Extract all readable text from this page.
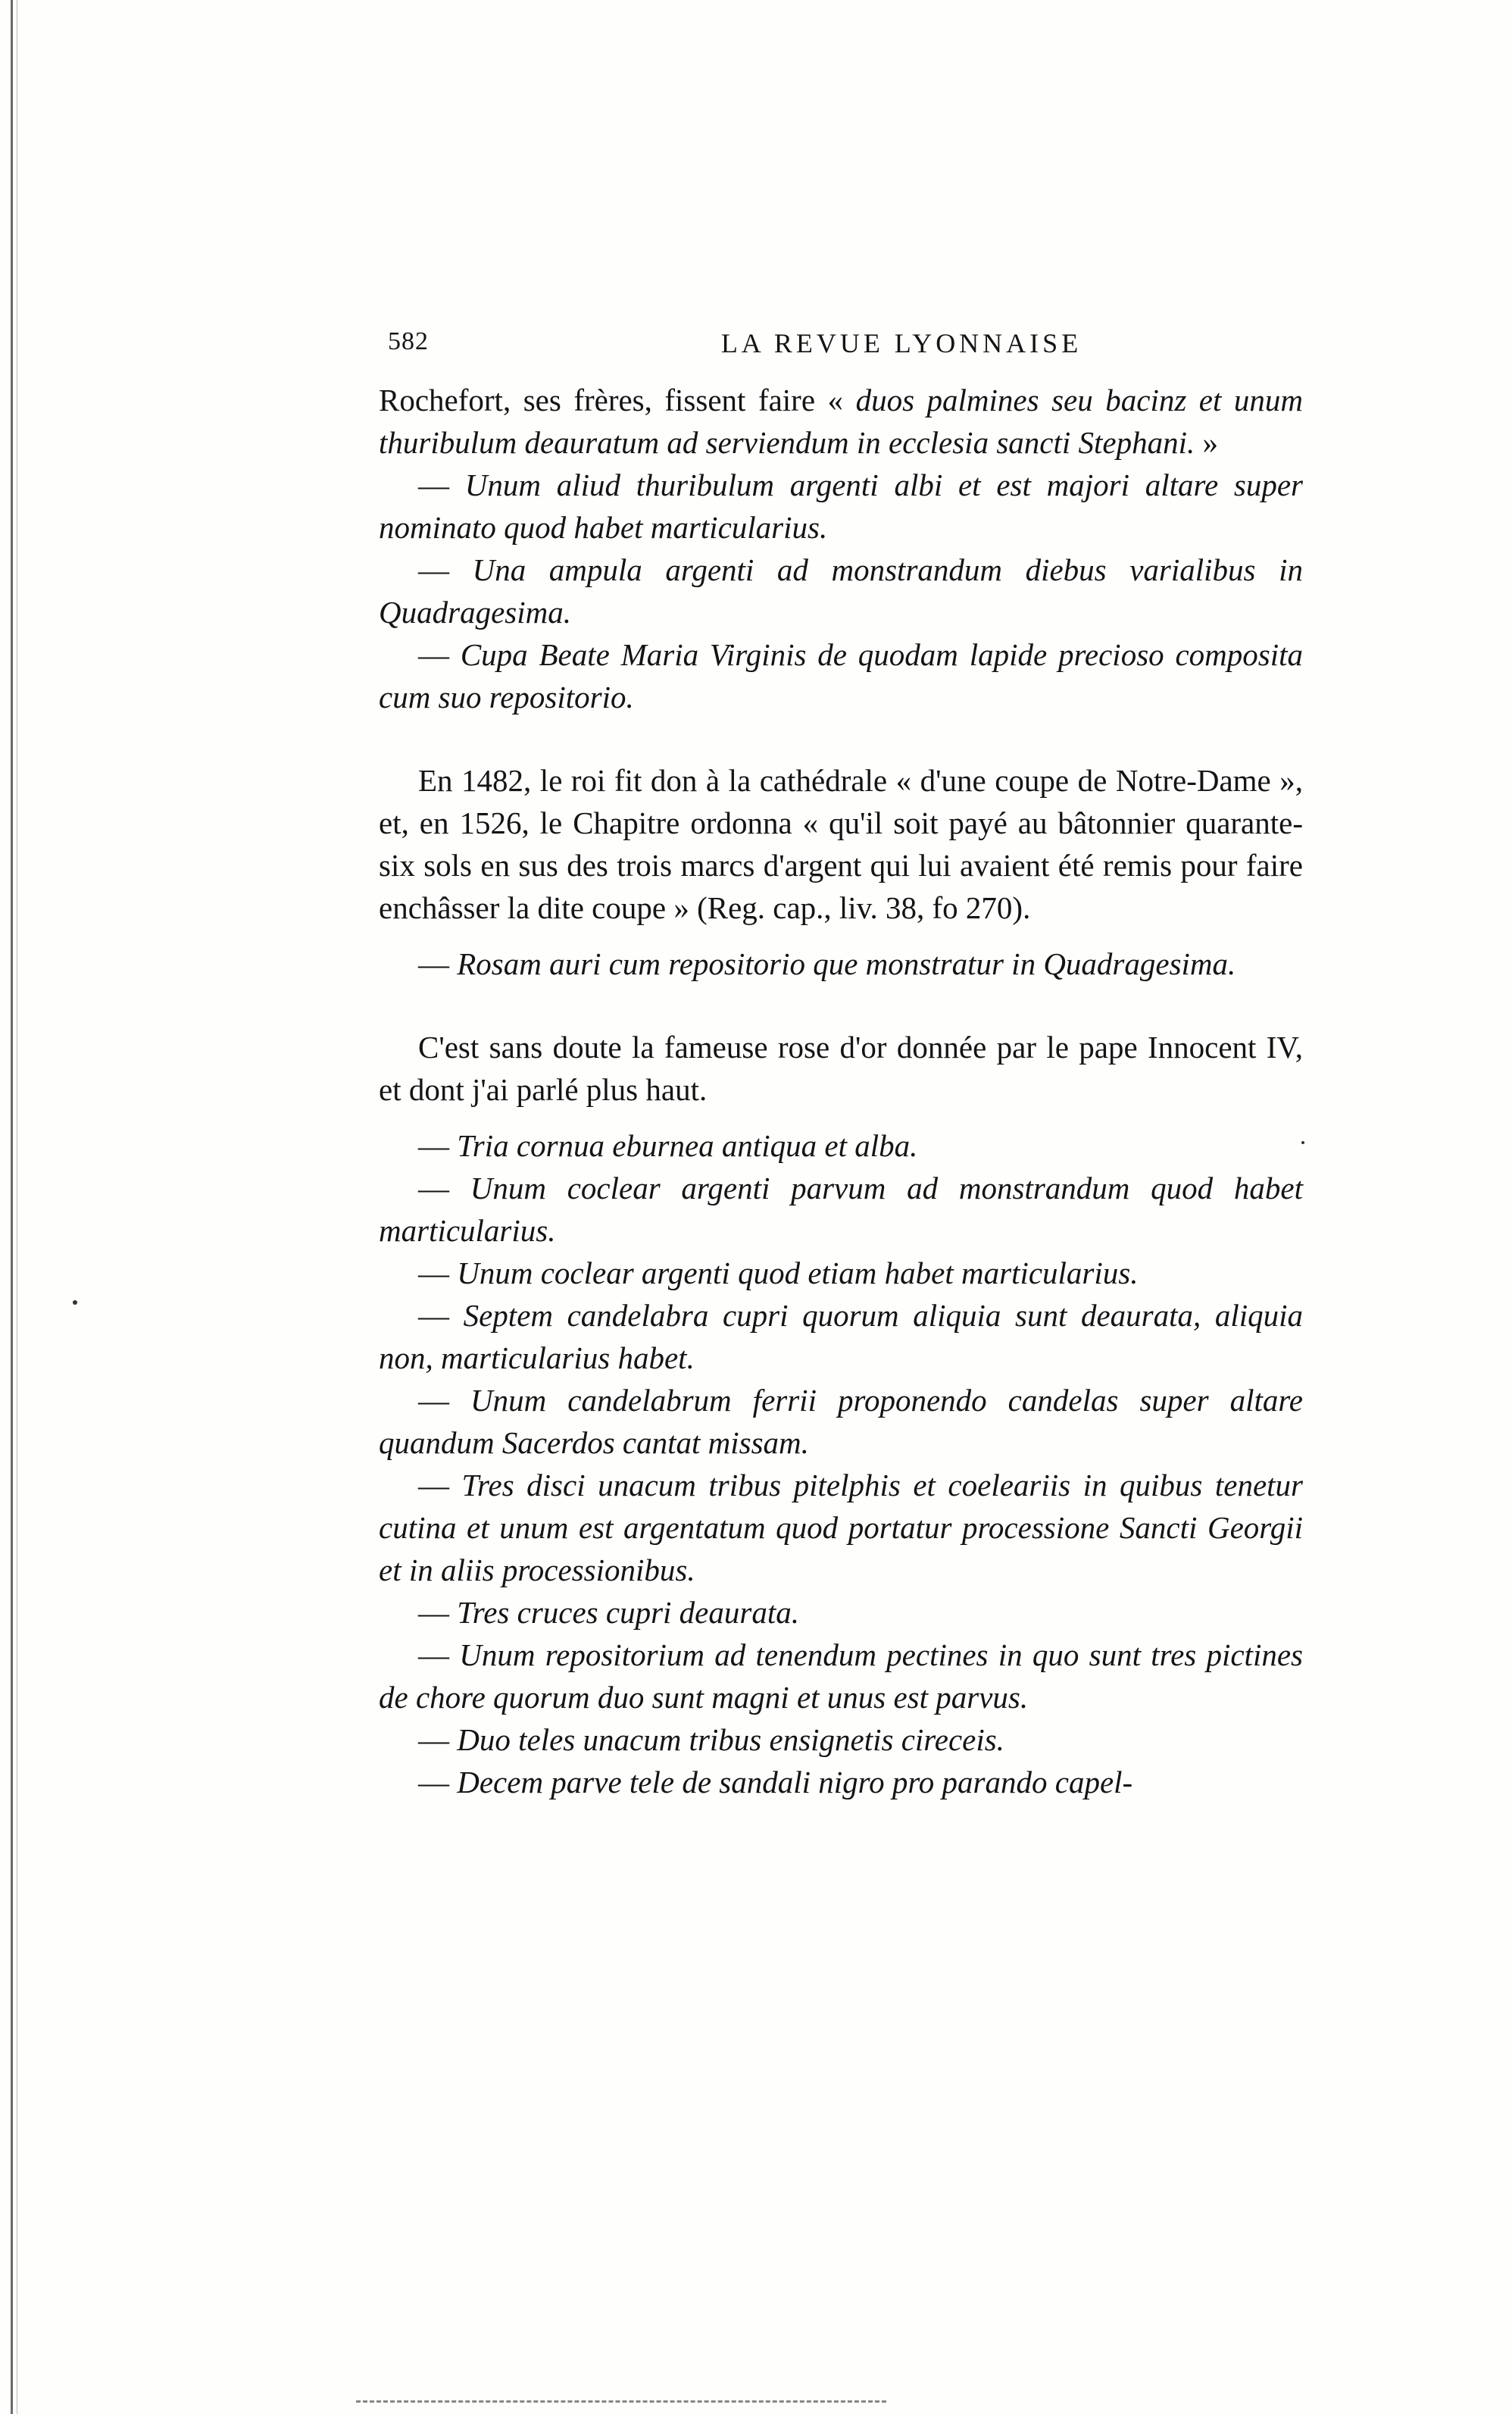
582	LA REVUE LYONNAISE

Rochefort, ses frères, fissent faire « duos palmines seu bacinz et unum thuribulum deauratum ad serviendum in ecclesia sancti Stephani. »

— Unum aliud thuribulum argenti albi et est majori altare super nominato quod habet marticularius.

— Una ampula argenti ad monstrandum diebus varialibus in Quadragesima.

— Cupa Beate Maria Virginis de quodam lapide precioso composita cum suo repositorio.

En 1482, le roi fit don à la cathédrale « d'une coupe de Notre-Dame », et, en 1526, le Chapitre ordonna « qu'il soit payé au bâtonnier quarante-six sols en sus des trois marcs d'argent qui lui avaient été remis pour faire enchâsser la dite coupe » (Reg. cap., liv. 38, fo 270).

— Rosam auri cum repositorio que monstratur in Quadragesima.

C'est sans doute la fameuse rose d'or donnée par le pape Innocent IV, et dont j'ai parlé plus haut.

— Tria cornua eburnea antiqua et alba.

— Unum coclear argenti parvum ad monstrandum quod habet marticularius.

— Unum coclear argenti quod etiam habet marticularius.

— Septem candelabra cupri quorum aliquia sunt deaurata, aliquia non, marticularius habet.

— Unum candelabrum ferrii proponendo candelas super altare quandum Sacerdos cantat missam.

— Tres disci unacum tribus pitelphis et coeleariis in quibus tenetur cutina et unum est argentatum quod portatur processione Sancti Georgii et in aliis processionibus.

— Tres cruces cupri deaurata.

— Unum repositorium ad tenendum pectines in quo sunt tres pictines de chore quorum duo sunt magni et unus est parvus.

— Duo teles unacum tribus ensignetis cireceis.

— Decem parve tele de sandali nigro pro parando capel-
